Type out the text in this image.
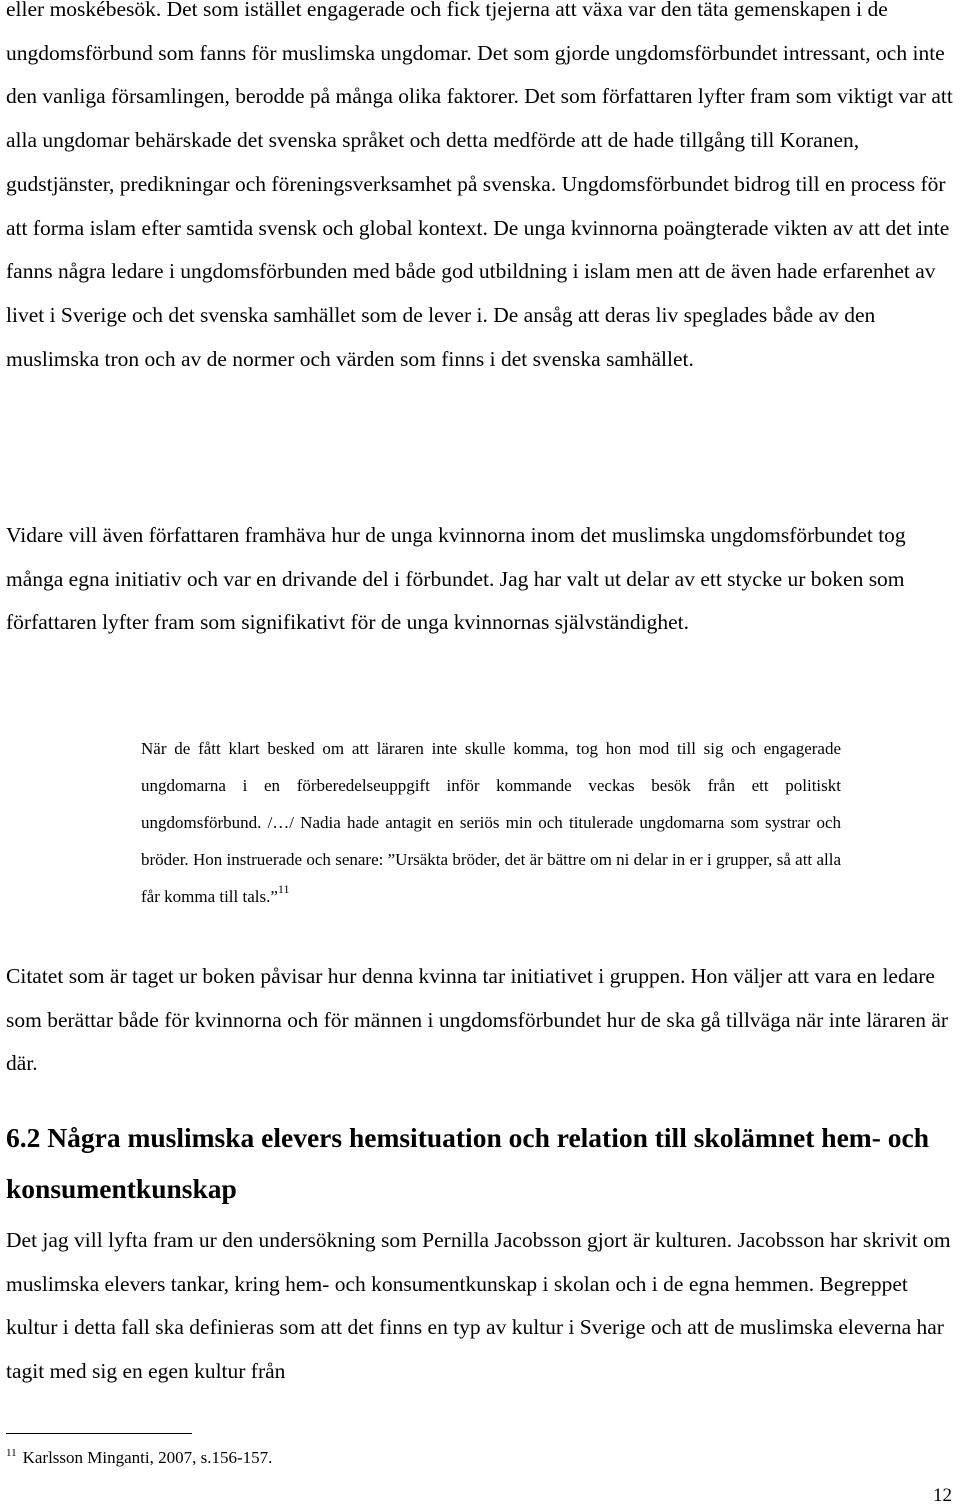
eller moskébesök. Det som istället engagerade och fick tjejerna att växa var den täta gemenskapen i de ungdomsförbund som fanns för muslimska ungdomar. Det som gjorde ungdomsförbundet intressant, och inte den vanliga församlingen, berodde på många olika faktorer. Det som författaren lyfter fram som viktigt var att alla ungdomar behärskade det svenska språket och detta medförde att de hade tillgång till Koranen, gudstjänster, predikningar och föreningsverksamhet på svenska. Ungdomsförbundet bidrog till en process för att forma islam efter samtida svensk och global kontext. De unga kvinnorna poängterade vikten av att det inte fanns några ledare i ungdomsförbunden med både god utbildning i islam men att de även hade erfarenhet av livet i Sverige och det svenska samhället som de lever i. De ansåg att deras liv speglades både av den muslimska tron och av de normer och värden som finns i det svenska samhället.

Vidare vill även författaren framhäva hur de unga kvinnorna inom det muslimska ungdomsförbundet tog många egna initiativ och var en drivande del i förbundet. Jag har valt ut delar av ett stycke ur boken som författaren lyfter fram som signifikativt för de unga kvinnornas självständighet.

När de fått klart besked om att läraren inte skulle komma, tog hon mod till sig och engagerade ungdomarna i en förberedelseuppgift inför kommande veckas besök från ett politiskt ungdomsförbund. /…/ Nadia hade antagit en seriös min och titulerade ungdomarna som systrar och bröder. Hon instruerade och senare: ”Ursäkta bröder, det är bättre om ni delar in er i grupper, så att alla får komma till tals.”$^{11}$

Citatet som är taget ur boken påvisar hur denna kvinna tar initiativet i gruppen. Hon väljer att vara en ledare som berättar både för kvinnorna och för männen i ungdomsförbundet hur de ska gå tillväga när inte läraren är där.

6.2 Några muslimska elevers hemsituation och relation till skolämnet hem- och konsumentkunskap

Det jag vill lyfta fram ur den undersökning som Pernilla Jacobsson gjort är kulturen. Jacobsson har skrivit om muslimska elevers tankar, kring hem- och konsumentkunskap i skolan och i de egna hemmen. Begreppet kultur i detta fall ska definieras som att det finns en typ av kultur i Sverige och att de muslimska eleverna har tagit med sig en egen kultur från

$^{11}$ Karlsson Minganti, 2007, s.156-157.

12
